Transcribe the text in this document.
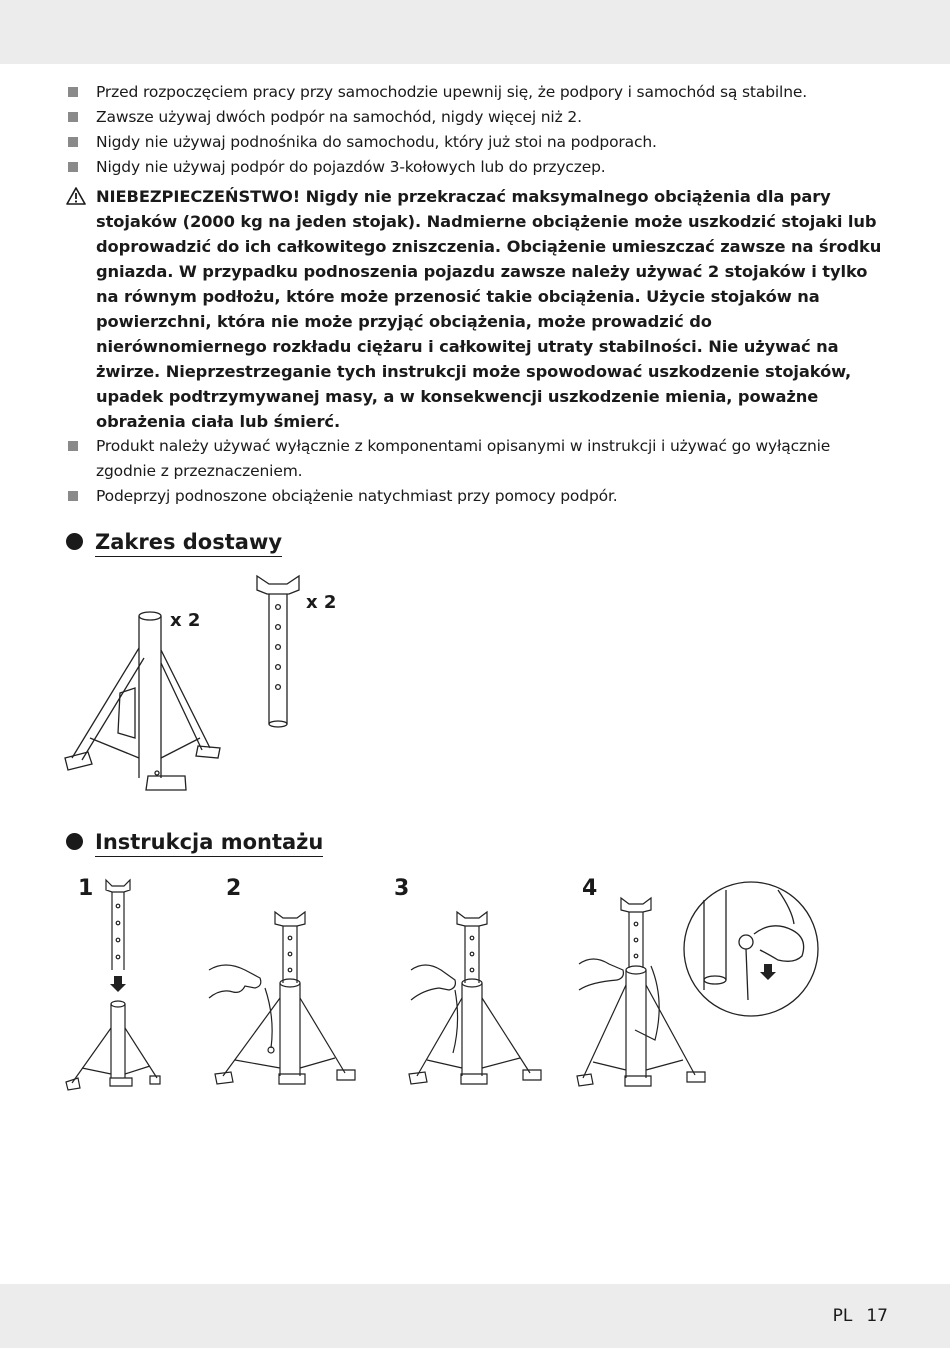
Przed rozpoczęciem pracy przy samochodzie upewnij się, że podpory i samochód są stabilne.
Zawsze używaj dwóch podpór na samochód, nigdy więcej niż 2.
Nigdy nie używaj podnośnika do samochodu, który już stoi na podporach.
Nigdy nie używaj podpór do pojazdów 3-kołowych lub do przyczep.
NIEBEZPIECZEŃSTWO! Nigdy nie przekraczać maksymalnego obciążenia dla pary stojaków (2000 kg na jeden stojak). Nadmierne obciążenie może uszkodzić stojaki lub doprowadzić do ich całkowitego zniszczenia. Obciążenie umieszczać zawsze na środku gniazda. W przypadku podnoszenia pojazdu zawsze należy używać 2 stojaków i tylko na równym podłożu, które może przenosić takie obciążenia. Użycie stojaków na powierzchni, która nie może przyjąć obciążenia, może prowadzić do nierównomiernego rozkładu ciężaru i całkowitej utraty stabilności. Nie używać na żwirze. Nieprzestrzeganie tych instrukcji może spowodować uszkodzenie stojaków, upadek podtrzymywanej masy, a w konsekwencji uszkodzenie mienia, poważne obrażenia ciała lub śmierć.
Produkt należy używać wyłącznie z komponentami opisanymi w instrukcji i używać go wyłącznie zgodnie z przeznaczeniem.
Podeprzyj podnoszone obciążenie natychmiast przy pomocy podpór.
Zakres dostawy
x 2
x 2
Instrukcja montażu
1	2	3	4
PL 17
